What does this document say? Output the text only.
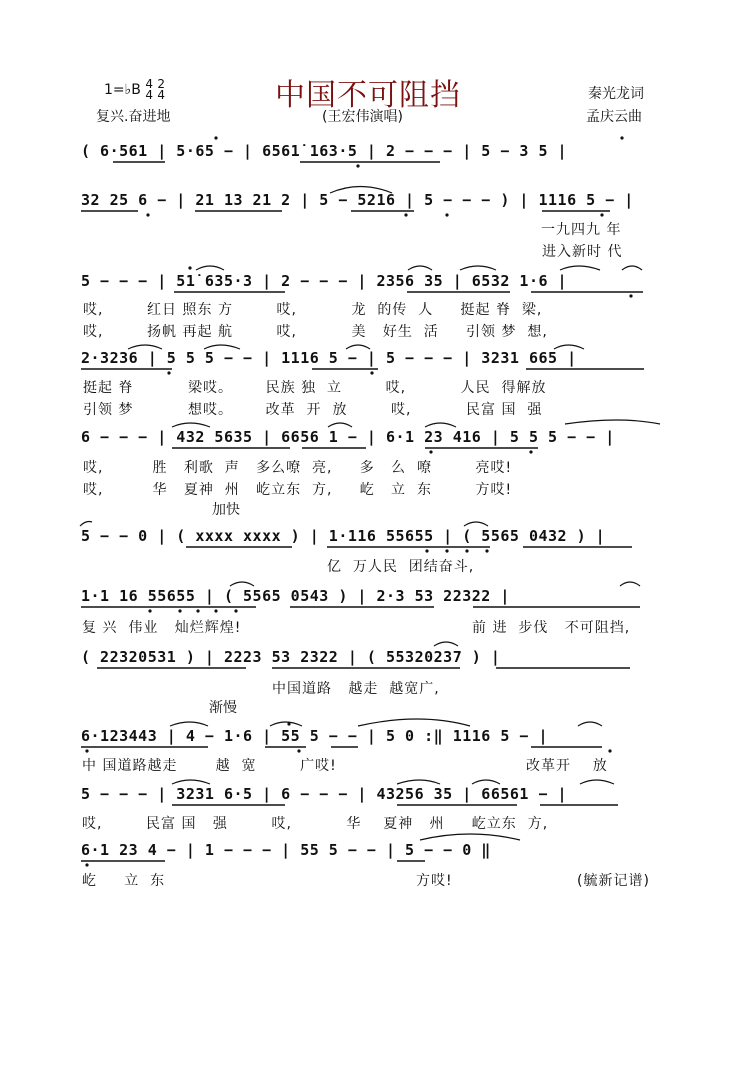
1=♭B 4
4 2
4
复兴.奋进地
中国不可阻挡
(王宏伟演唱)
秦光龙词
孟庆云曲
( 6·561 | 5·65 − | 6561̇ 163·5 | 2 − − − | 5 − 3 5 |
32 25 6 − | 21 13 21 2 | 5 − 5216 | 5 − − − ) | 1116 5 − |
一九四九 年
进入新时 代
5 − − − | 51̇ 635·3 | 2 − − − | 2356 35 | 6532 1·6 |
哎,        红日 照东 方        哎,          龙  的传  人     挺起 脊  梁,
哎,        扬帆 再起 航        哎,          美   好生  活     引领 梦  想,
2·3236 | 5 5 5 − − | 1116 5 − | 5 − − − | 3231 665 |
挺起 脊          梁哎。      民族 独  立        哎,          人民  得解放
引领 梦          想哎。      改革  开  放        哎,          民富 国  强
6 − − − | 432 5635 | 6656 1 − | 6·1 23 416 | 5 5 5 − − |
哎,         胜   利歌  声   多么嘹  亮,     多   么  嘹        亮哎!
哎,         华   夏神  州   屹立东  方,     屹   立  东        方哎!
5 − − 0 | ( xxxx xxxx ) | 1·116 55655 | ( 5565 0432 ) |
加快
亿  万人民  团结奋斗,
1·1 16 55655 | ( 5565 0543 ) | 2·3 53 22322 |
复 兴  伟业   灿烂辉煌!	前 进  步伐   不可阻挡,
( 22320531 ) | 2223 53 2322 | ( 55320237 ) |
中国道路   越走  越宽广,
6·123443 | 4 − 1·6 | 55 5 − − | 5 0 :‖ 1116 5 − |
渐慢
中 国道路越走       越  宽        广哎!	改革开    放
5 − − − | 3231 6·5 | 6 − − − | 43256 35 | 66561 − |
哎,        民富 国   强        哎,          华    夏神   州     屹立东  方,
6·1 23 4 − | 1 − − − | 55 5 − − | 5 − − 0 ‖
屹     立  东	方哎!	(毓新记谱)
